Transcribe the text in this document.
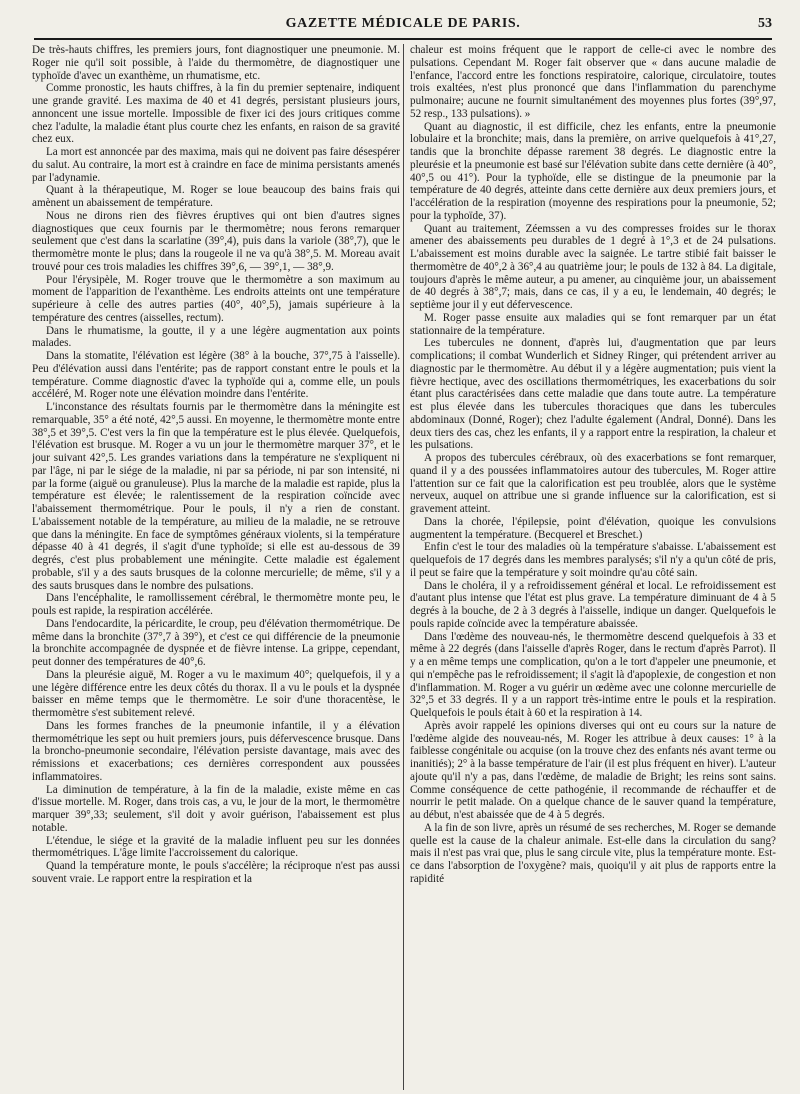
GAZETTE MÉDICALE DE PARIS.	53

De très-hauts chiffres, les premiers jours, font diagnostiquer une pneumonie. M. Roger nie qu'il soit possible, à l'aide du thermomètre, de diagnostiquer une typhoïde d'avec un exanthème, un rhumatisme, etc.

Comme pronostic, les hauts chiffres, à la fin du premier septenaire, indiquent une grande gravité. Les maxima de 40 et 41 degrés, persistant plusieurs jours, annoncent une issue mortelle. Impossible de fixer ici des jours critiques comme chez l'adulte, la maladie étant plus courte chez les enfants, en raison de sa gravité chez eux.

La mort est annoncée par des maxima, mais qui ne doivent pas faire désespérer du salut. Au contraire, la mort est à craindre en face de minima persistants amenés par l'adynamie.

Quant à la thérapeutique, M. Roger se loue beaucoup des bains frais qui amènent un abaissement de température.

Nous ne dirons rien des fièvres éruptives qui ont bien d'autres signes diagnostiques que ceux fournis par le thermomètre; nous ferons remarquer seulement que c'est dans la scarlatine (39°,4), puis dans la variole (38°,7), que le thermomètre monte le plus; dans la rougeole il ne va qu'à 38°,5. M. Moreau avait trouvé pour ces trois maladies les chiffres 39°,6, — 39°,1, — 38°,9.

Pour l'érysipèle, M. Roger trouve que le thermomètre a son maximum au moment de l'apparition de l'exanthème. Les endroits atteints ont une température supérieure à celle des autres parties (40°, 40°,5), jamais supérieure à la température des centres (aisselles, rectum).

Dans le rhumatisme, la goutte, il y a une légère augmentation aux points malades.

Dans la stomatite, l'élévation est légère (38° à la bouche, 37°,75 à l'aisselle). Peu d'élévation aussi dans l'entérite; pas de rapport constant entre le pouls et la température. Comme diagnostic d'avec la typhoïde qui a, comme elle, un pouls accéléré, M. Roger note une élévation moindre dans l'entérite.

L'inconstance des résultats fournis par le thermomètre dans la méningite est remarquable, 35° a été noté, 42°,5 aussi. En moyenne, le thermomètre monte entre 38°,5 et 39°,5. C'est vers la fin que la température est le plus élevée. Quelquefois, l'élévation est brusque. M. Roger a vu un jour le thermomètre marquer 37°, et le jour suivant 42°,5. Les grandes variations dans la température ne s'expliquent ni par l'âge, ni par le siége de la maladie, ni par sa période, ni par son intensité, ni par la forme (aiguë ou granuleuse). Plus la marche de la maladie est rapide, plus la température est élevée; le ralentissement de la respiration coïncide avec l'abaissement thermométrique. Pour le pouls, il n'y a rien de constant. L'abaissement notable de la température, au milieu de la maladie, ne se retrouve que dans la méningite. En face de symptômes généraux violents, si la température dépasse 40 à 41 degrés, il s'agit d'une typhoïde; si elle est au-dessous de 39 degrés, c'est plus probablement une méningite. Cette maladie est également probable, s'il y a des sauts brusques de la colonne mercurielle; de même, s'il y a des sauts brusques dans le nombre des pulsations.

Dans l'encéphalite, le ramollissement cérébral, le thermomètre monte peu, le pouls est rapide, la respiration accélérée.

Dans l'endocardite, la péricardite, le croup, peu d'élévation thermométrique. De même dans la bronchite (37°,7 à 39°), et c'est ce qui différencie de la pneumonie la bronchite accompagnée de dyspnée et de fièvre intense. La grippe, cependant, peut donner des températures de 40°,6.

Dans la pleurésie aiguë, M. Roger a vu le maximum 40°; quelquefois, il y a une légère différence entre les deux côtés du thorax. Il a vu le pouls et la dyspnée baisser en même temps que le thermomètre. Le soir d'une thoracentèse, le thermomètre s'est subitement relevé.

Dans les formes franches de la pneumonie infantile, il y a élévation thermométrique les sept ou huit premiers jours, puis défervescence brusque. Dans la broncho-pneumonie secondaire, l'élévation persiste davantage, mais avec des rémissions et exacerbations; ces dernières correspondent aux poussées inflammatoires.

La diminution de température, à la fin de la maladie, existe même en cas d'issue mortelle. M. Roger, dans trois cas, a vu, le jour de la mort, le thermomètre marquer 39°,33; seulement, s'il doit y avoir guérison, l'abaissement est plus notable.

L'étendue, le siége et la gravité de la maladie influent peu sur les données thermométriques. L'âge limite l'accroissement du calorique.

Quand la température monte, le pouls s'accélère; la réciproque n'est pas aussi souvent vraie. Le rapport entre la respiration et la

chaleur est moins fréquent que le rapport de celle-ci avec le nombre des pulsations. Cependant M. Roger fait observer que « dans aucune maladie de l'enfance, l'accord entre les fonctions respiratoire, calorique, circulatoire, toutes trois exaltées, n'est plus prononcé que dans l'inflammation du parenchyme pulmonaire; aucune ne fournit simultanément des moyennes plus fortes (39°,97, 52 resp., 133 pulsations). »

Quant au diagnostic, il est difficile, chez les enfants, entre la pneumonie lobulaire et la bronchite; mais, dans la première, on arrive quelquefois à 41°,27, tandis que la bronchite dépasse rarement 38 degrés. Le diagnostic entre la pleurésie et la pneumonie est basé sur l'élévation subite dans cette dernière (à 40°, 40°,5 ou 41°). Pour la typhoïde, elle se distingue de la pneumonie par la température de 40 degrés, atteinte dans cette dernière aux deux premiers jours, et l'accélération de la respiration (moyenne des respirations pour la pneumonie, 52; pour la typhoïde, 37).

Quant au traitement, Zéemssen a vu des compresses froides sur le thorax amener des abaissements peu durables de 1 degré à 1°,3 et de 24 pulsations. L'abaissement est moins durable avec la saignée. Le tartre stibié fait baisser le thermomètre de 40°,2 à 36°,4 au quatrième jour; le pouls de 132 à 84. La digitale, toujours d'après le même auteur, a pu amener, au cinquième jour, un abaissement de 40 degrés à 38°,7; mais, dans ce cas, il y a eu, le lendemain, 40 degrés; le septième jour il y eut défervescence.

M. Roger passe ensuite aux maladies qui se font remarquer par un état stationnaire de la température.

Les tubercules ne donnent, d'après lui, d'augmentation que par leurs complications; il combat Wunderlich et Sidney Ringer, qui prétendent arriver au diagnostic par le thermomètre. Au début il y a légère augmentation; puis vient la fièvre hectique, avec des oscillations thermométriques, les exacerbations du soir étant plus caractérisées dans cette maladie que dans toute autre. La température est plus élevée dans les tubercules thoraciques que dans les tubercules abdominaux (Donné, Roger); chez l'adulte également (Andral, Donné). Dans les deux tiers des cas, chez les enfants, il y a rapport entre la respiration, la chaleur et les pulsations.

A propos des tubercules cérébraux, où des exacerbations se font remarquer, quand il y a des poussées inflammatoires autour des tubercules, M. Roger attire l'attention sur ce fait que la calorification est peu troublée, alors que le système nerveux, auquel on attribue une si grande influence sur la calorification, est si gravement atteint.

Dans la chorée, l'épilepsie, point d'élévation, quoique les convulsions augmentent la température. (Becquerel et Breschet.)

Enfin c'est le tour des maladies où la température s'abaisse. L'abaissement est quelquefois de 17 degrés dans les membres paralysés; s'il n'y a qu'un côté de pris, il peut se faire que la température y soit moindre qu'au côté sain.

Dans le choléra, il y a refroidissement général et local. Le refroidissement est d'autant plus intense que l'état est plus grave. La température diminuant de 4 à 5 degrés à la bouche, de 2 à 3 degrés à l'aisselle, indique un danger. Quelquefois le pouls rapide coïncide avec la température abaissée.

Dans l'œdème des nouveau-nés, le thermomètre descend quelquefois à 33 et même à 22 degrés (dans l'aisselle d'après Roger, dans le rectum d'après Parrot). Il y a en même temps une complication, qu'on a le tort d'appeler une pneumonie, et qui n'empêche pas le refroidissement; il s'agit là d'apoplexie, de congestion et non d'inflammation. M. Roger a vu guérir un œdème avec une colonne mercurielle de 32°,5 et 33 degrés. Il y a un rapport très-intime entre le pouls et la respiration. Quelquefois le pouls était à 60 et la respiration à 14.

Après avoir rappelé les opinions diverses qui ont eu cours sur la nature de l'œdème algide des nouveau-nés, M. Roger les attribue à deux causes: 1° à la faiblesse congénitale ou acquise (on la trouve chez des enfants nés avant terme ou inanitiés); 2° à la basse température de l'air (il est plus fréquent en hiver). L'auteur ajoute qu'il n'y a pas, dans l'œdème, de maladie de Bright; les reins sont sains. Comme conséquence de cette pathogénie, il recommande de réchauffer et de nourrir le petit malade. On a quelque chance de le sauver quand la température, au début, n'est abaissée que de 4 à 5 degrés.

A la fin de son livre, après un résumé de ses recherches, M. Roger se demande quelle est la cause de la chaleur animale. Est-elle dans la circulation du sang? mais il n'est pas vrai que, plus le sang circule vite, plus la température monte. Est-ce dans l'absorption de l'oxygène? mais, quoiqu'il y ait plus de rapports entre la rapidité
